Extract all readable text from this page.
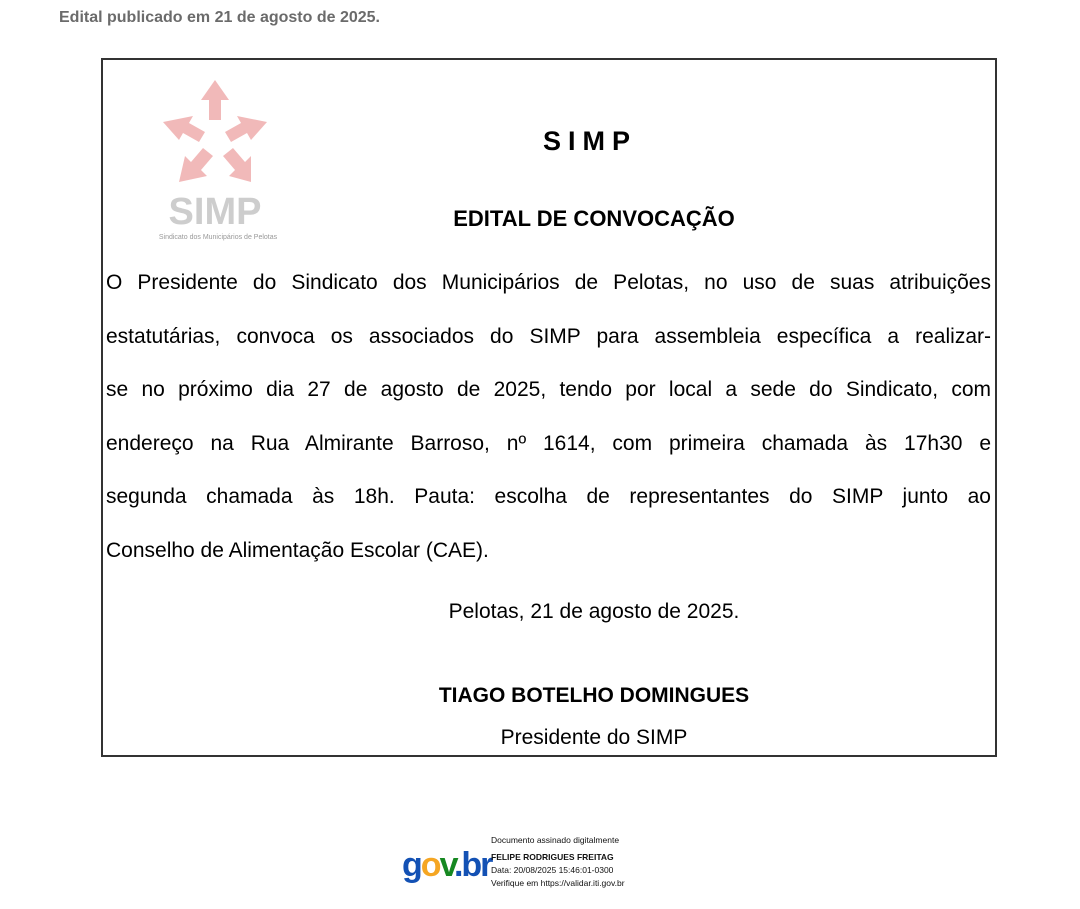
Edital publicado em 21 de agosto de 2025.
SIMP
Sindicato dos Municipários de Pelotas
SIMP
EDITAL DE CONVOCAÇÃO
O Presidente do Sindicato dos Municipários de Pelotas, no uso de suas atribuições
estatutárias, convoca os associados do SIMP para assembleia específica a realizar-
se no próximo dia 27 de agosto de 2025, tendo por local a sede do Sindicato, com
endereço na Rua Almirante Barroso, nº 1614, com primeira chamada às 17h30 e
segunda chamada às 18h. Pauta: escolha de representantes do SIMP junto ao
Conselho de Alimentação Escolar (CAE).
Pelotas, 21 de agosto de 2025.
TIAGO BOTELHO DOMINGUES
Presidente do SIMP
gov.br
Documento assinado digitalmente
FELIPE RODRIGUES FREITAG
Data: 20/08/2025 15:46:01-0300
Verifique em https://validar.iti.gov.br
